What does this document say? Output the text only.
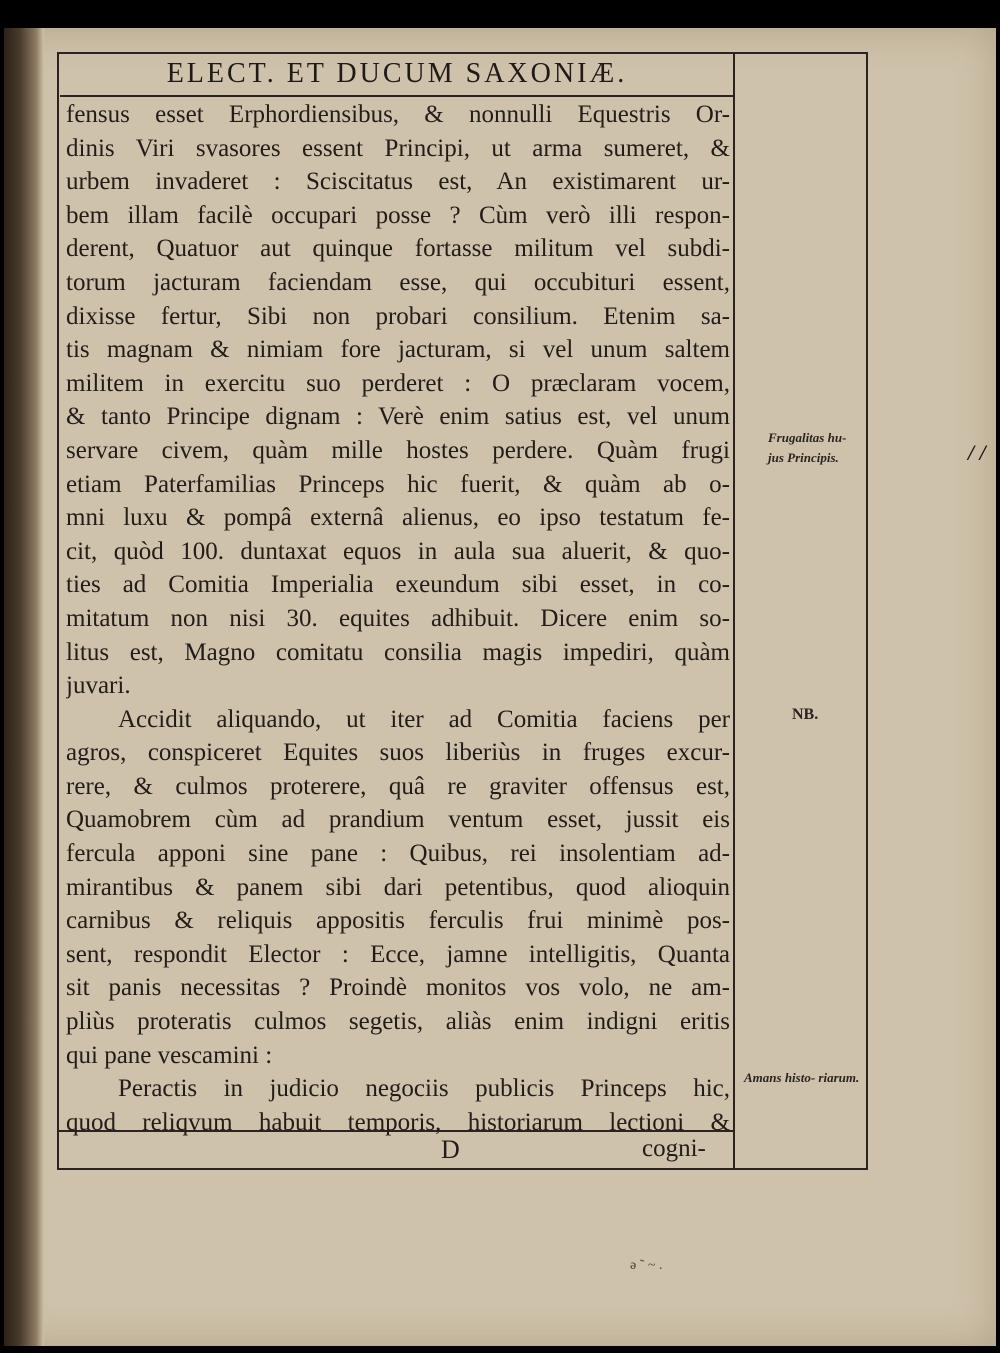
ELECT. ET DUCUM SAXONIÆ.
fensus esset Erphordiensibus, & nonnulli Equestris Or-
dinis Viri svasores essent Principi, ut arma sumeret, &
urbem invaderet : Sciscitatus est, An existimarent ur-
bem illam facilè occupari posse ? Cùm verò illi respon-
derent, Quatuor aut quinque fortasse militum vel subdi-
torum jacturam faciendam esse, qui occubituri essent,
dixisse fertur, Sibi non probari consilium. Etenim sa-
tis magnam & nimiam fore jacturam, si vel unum saltem
militem in exercitu suo perderet : O præclaram vocem,
& tanto Principe dignam : Verè enim satius est, vel unum
servare civem, quàm mille hostes perdere. Quàm frugi
etiam Paterfamilias Princeps hic fuerit, & quàm ab o-
mni luxu & pompâ externâ alienus, eo ipso testatum fe-
cit, quòd 100. duntaxat equos in aula sua aluerit, & quo-
ties ad Comitia Imperialia exeundum sibi esset, in co-
mitatum non nisi 30. equites adhibuit. Dicere enim so-
litus est, Magno comitatu consilia magis impediri, quàm
juvari.
Accidit aliquando, ut iter ad Comitia faciens per
agros, conspiceret Equites suos liberiùs in fruges excur-
rere, & culmos proterere, quâ re graviter offensus est,
Quamobrem cùm ad prandium ventum esset, jussit eis
fercula apponi sine pane : Quibus, rei insolentiam ad-
mirantibus & panem sibi dari petentibus, quod alioquin
carnibus & reliquis appositis ferculis frui minimè pos-
sent, respondit Elector : Ecce, jamne intelligitis, Quanta
sit panis necessitas ? Proindè monitos vos volo, ne am-
pliùs proteratis culmos segetis, aliàs enim indigni eritis
qui pane vescamini :
Peractis in judicio negociis publicis Princeps hic,
quod reliqvum habuit temporis, historiarum lectioni &
Frugalitas hu- jus Principis.
NB.
Amans histo- riarum.
D	cogni-
/ /
ǝ ˜ ~ .
